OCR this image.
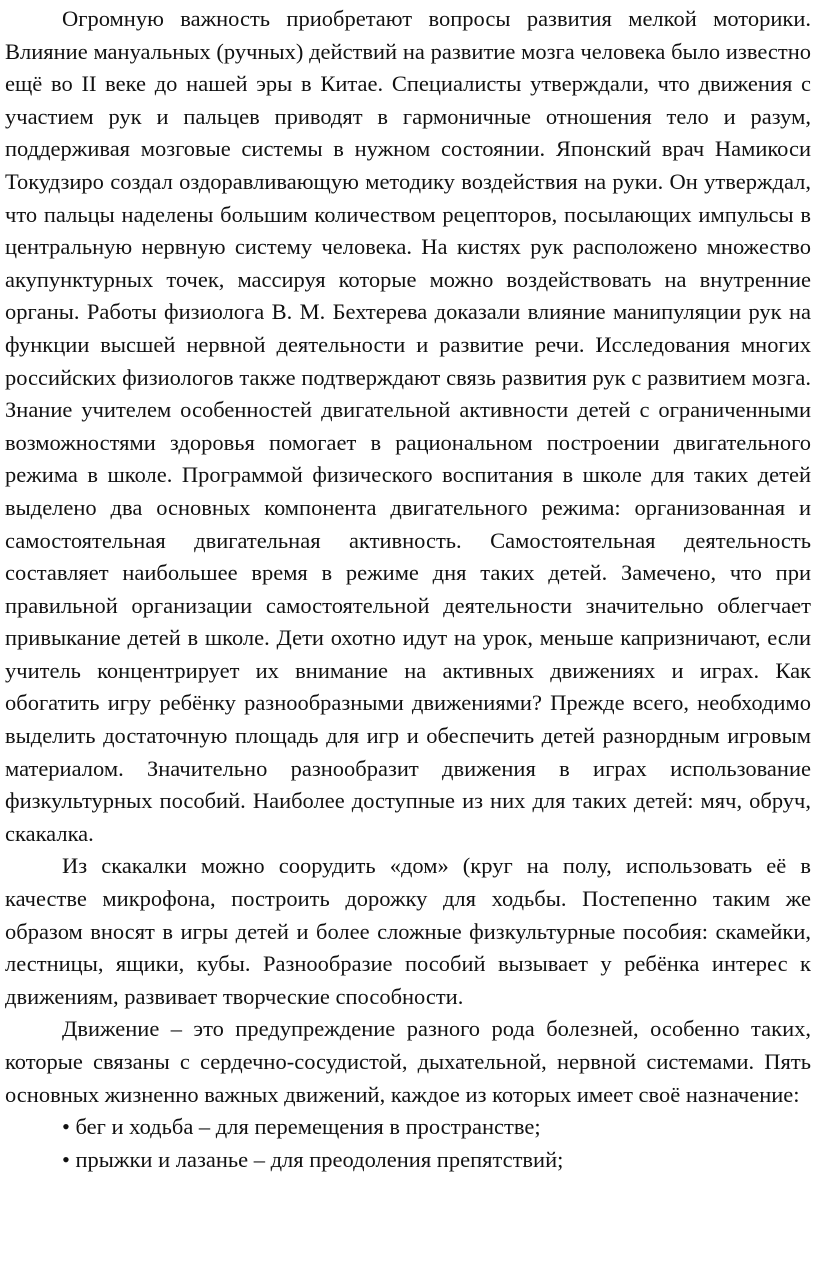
Огромную важность приобретают вопросы развития мелкой моторики. Влияние мануальных (ручных) действий на развитие мозга человека было известно ещё во II веке до нашей эры в Китае. Специалисты утверждали, что движения с участием рук и пальцев приводят в гармоничные отношения тело и разум, поддерживая мозговые системы в нужном состоянии. Японский врач Намикоси Токудзиро создал оздоравливающую методику воздействия на руки. Он утверждал, что пальцы наделены большим количеством рецепторов, посылающих импульсы в центральную нервную систему человека. На кистях рук расположено множество акупунктурных точек, массируя которые можно воздействовать на внутренние органы. Работы физиолога В. М. Бехтерева доказали влияние манипуляции рук на функции высшей нервной деятельности и развитие речи. Исследования многих российских физиологов также подтверждают связь развития рук с развитием мозга. Знание учителем особенностей двигательной активности детей с ограниченными возможностями здоровья помогает в рациональном построении двигательного режима в школе. Программой физического воспитания в школе для таких детей выделено два основных компонента двигательного режима: организованная и самостоятельная двигательная активность. Самостоятельная деятельность составляет наибольшее время в режиме дня таких детей. Замечено, что при правильной организации самостоятельной деятельности значительно облегчает привыкание детей в школе. Дети охотно идут на урок, меньше капризничают, если учитель концентрирует их внимание на активных движениях и играх. Как обогатить игру ребёнку разнообразными движениями? Прежде всего, необходимо выделить достаточную площадь для игр и обеспечить детей разнордным игровым материалом. Значительно разнообразит движения в играх использование физкультурных пособий. Наиболее доступные из них для таких детей: мяч, обруч, скакалка.

Из скакалки можно соорудить «дом» (круг на полу, использовать её в качестве микрофона, построить дорожку для ходьбы. Постепенно таким же образом вносят в игры детей и более сложные физкультурные пособия: скамейки, лестницы, ящики, кубы. Разнообразие пособий вызывает у ребёнка интерес к движениям, развивает творческие способности.

Движение – это предупреждение разного рода болезней, особенно таких, которые связаны с сердечно-сосудистой, дыхательной, нервной системами. Пять основных жизненно важных движений, каждое из которых имеет своё назначение:

• бег и ходьба – для перемещения в пространстве;
• прыжки и лазанье – для преодоления препятствий;
